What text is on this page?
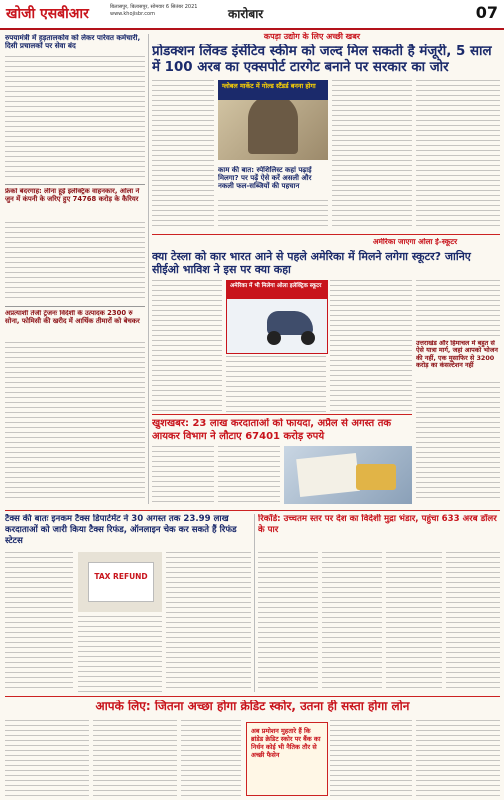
खोजी एसबीआर	बिलासपुर, बिलासपुर, सोमवार 6 सितंबर 2021
www.khojisbr.com	कारोबार	07
रुपयामंत्री में हड़तालकोव को लेकर पारेवत कर्मचारी, दिसी प्रचालकों पर सेवा बंद
फ्रेंको बंदरगाह: लीना हूई इलेक्ट्रिक वाहनकार, ओला ने जुन में कंपनी के जरिए हुए 74768 करोड़ के कैरियर
अप्रत्याशी तेजी ट्रेजनः विदेशी के उत्पादक 2300 रु सोना, फोमिसी की खरीद में आर्थिक तीमारों को बेचकर
कपड़ा उद्योग के लिए अच्छी खबर
प्रोडक्शन लिंक्ड इंसेंटिव स्कीम को जल्द मिल सकती है मंजूरी, 5 साल में 100 अरब का एक्सपोर्ट टारगेट बनाने पर सरकार का जोर
ग्लोबल मार्केट में गोल्ड स्टैंडर्ड बनना होगा
काम की बात: स्पेशिलिस्ट कहां पढ़ाई मिलगा? पर पढ़ें ऐसे करें असली और नकली फल-सब्जियों की पहचान
अमेरिका जाएगा ओला ई-स्कूटर
क्या टेस्ला को कार भारत आने से पहले अमेरिका में मिलने लगेगा स्कूटर? जानिए सीईओ भाविश ने इस पर क्या कहा
अमेरिका में भी मिलेगा ओला इलेक्ट्रिक स्कूटर
उत्तराखंड और हिमाचल में बहुत से ऐसे यात्रा मार्ग, जहां आपको भोजन की नहीं, एक मुसाफिर से 3200 करोड़ का कंसल्टेशन नहीं
खुशखबर: 23 लाख करदाताओं को फायदा, अप्रैल से अगस्त तक आयकर विभाग ने लौटाए 67401 करोड़ रुपये
टैक्स की बातः इनकम टैक्स डिपार्टमेंट ने 30 अगस्त तक 23.99 लाख करदाताओं को जारी किया टैक्स रिफंड, ऑनलाइन चेक कर सकते हैं रिफंड स्टेटस
TAX REFUND
रिकॉर्ड: उच्चतम स्तर पर देश का विदेशी मुद्रा भंडार, पहुंचा 633 अरब डॉलर के पार
आपके लिए: जितना अच्छा होगा क्रेडिट स्कोर, उतना ही सस्ता होगा लोन
अब प्रमोशन मुहतारे हैं कि ब्रांडेड क्रेडिट स्कोर पर बैंक का निर्धन कोई भी नैतिक तौर से अच्छी फैसेन
